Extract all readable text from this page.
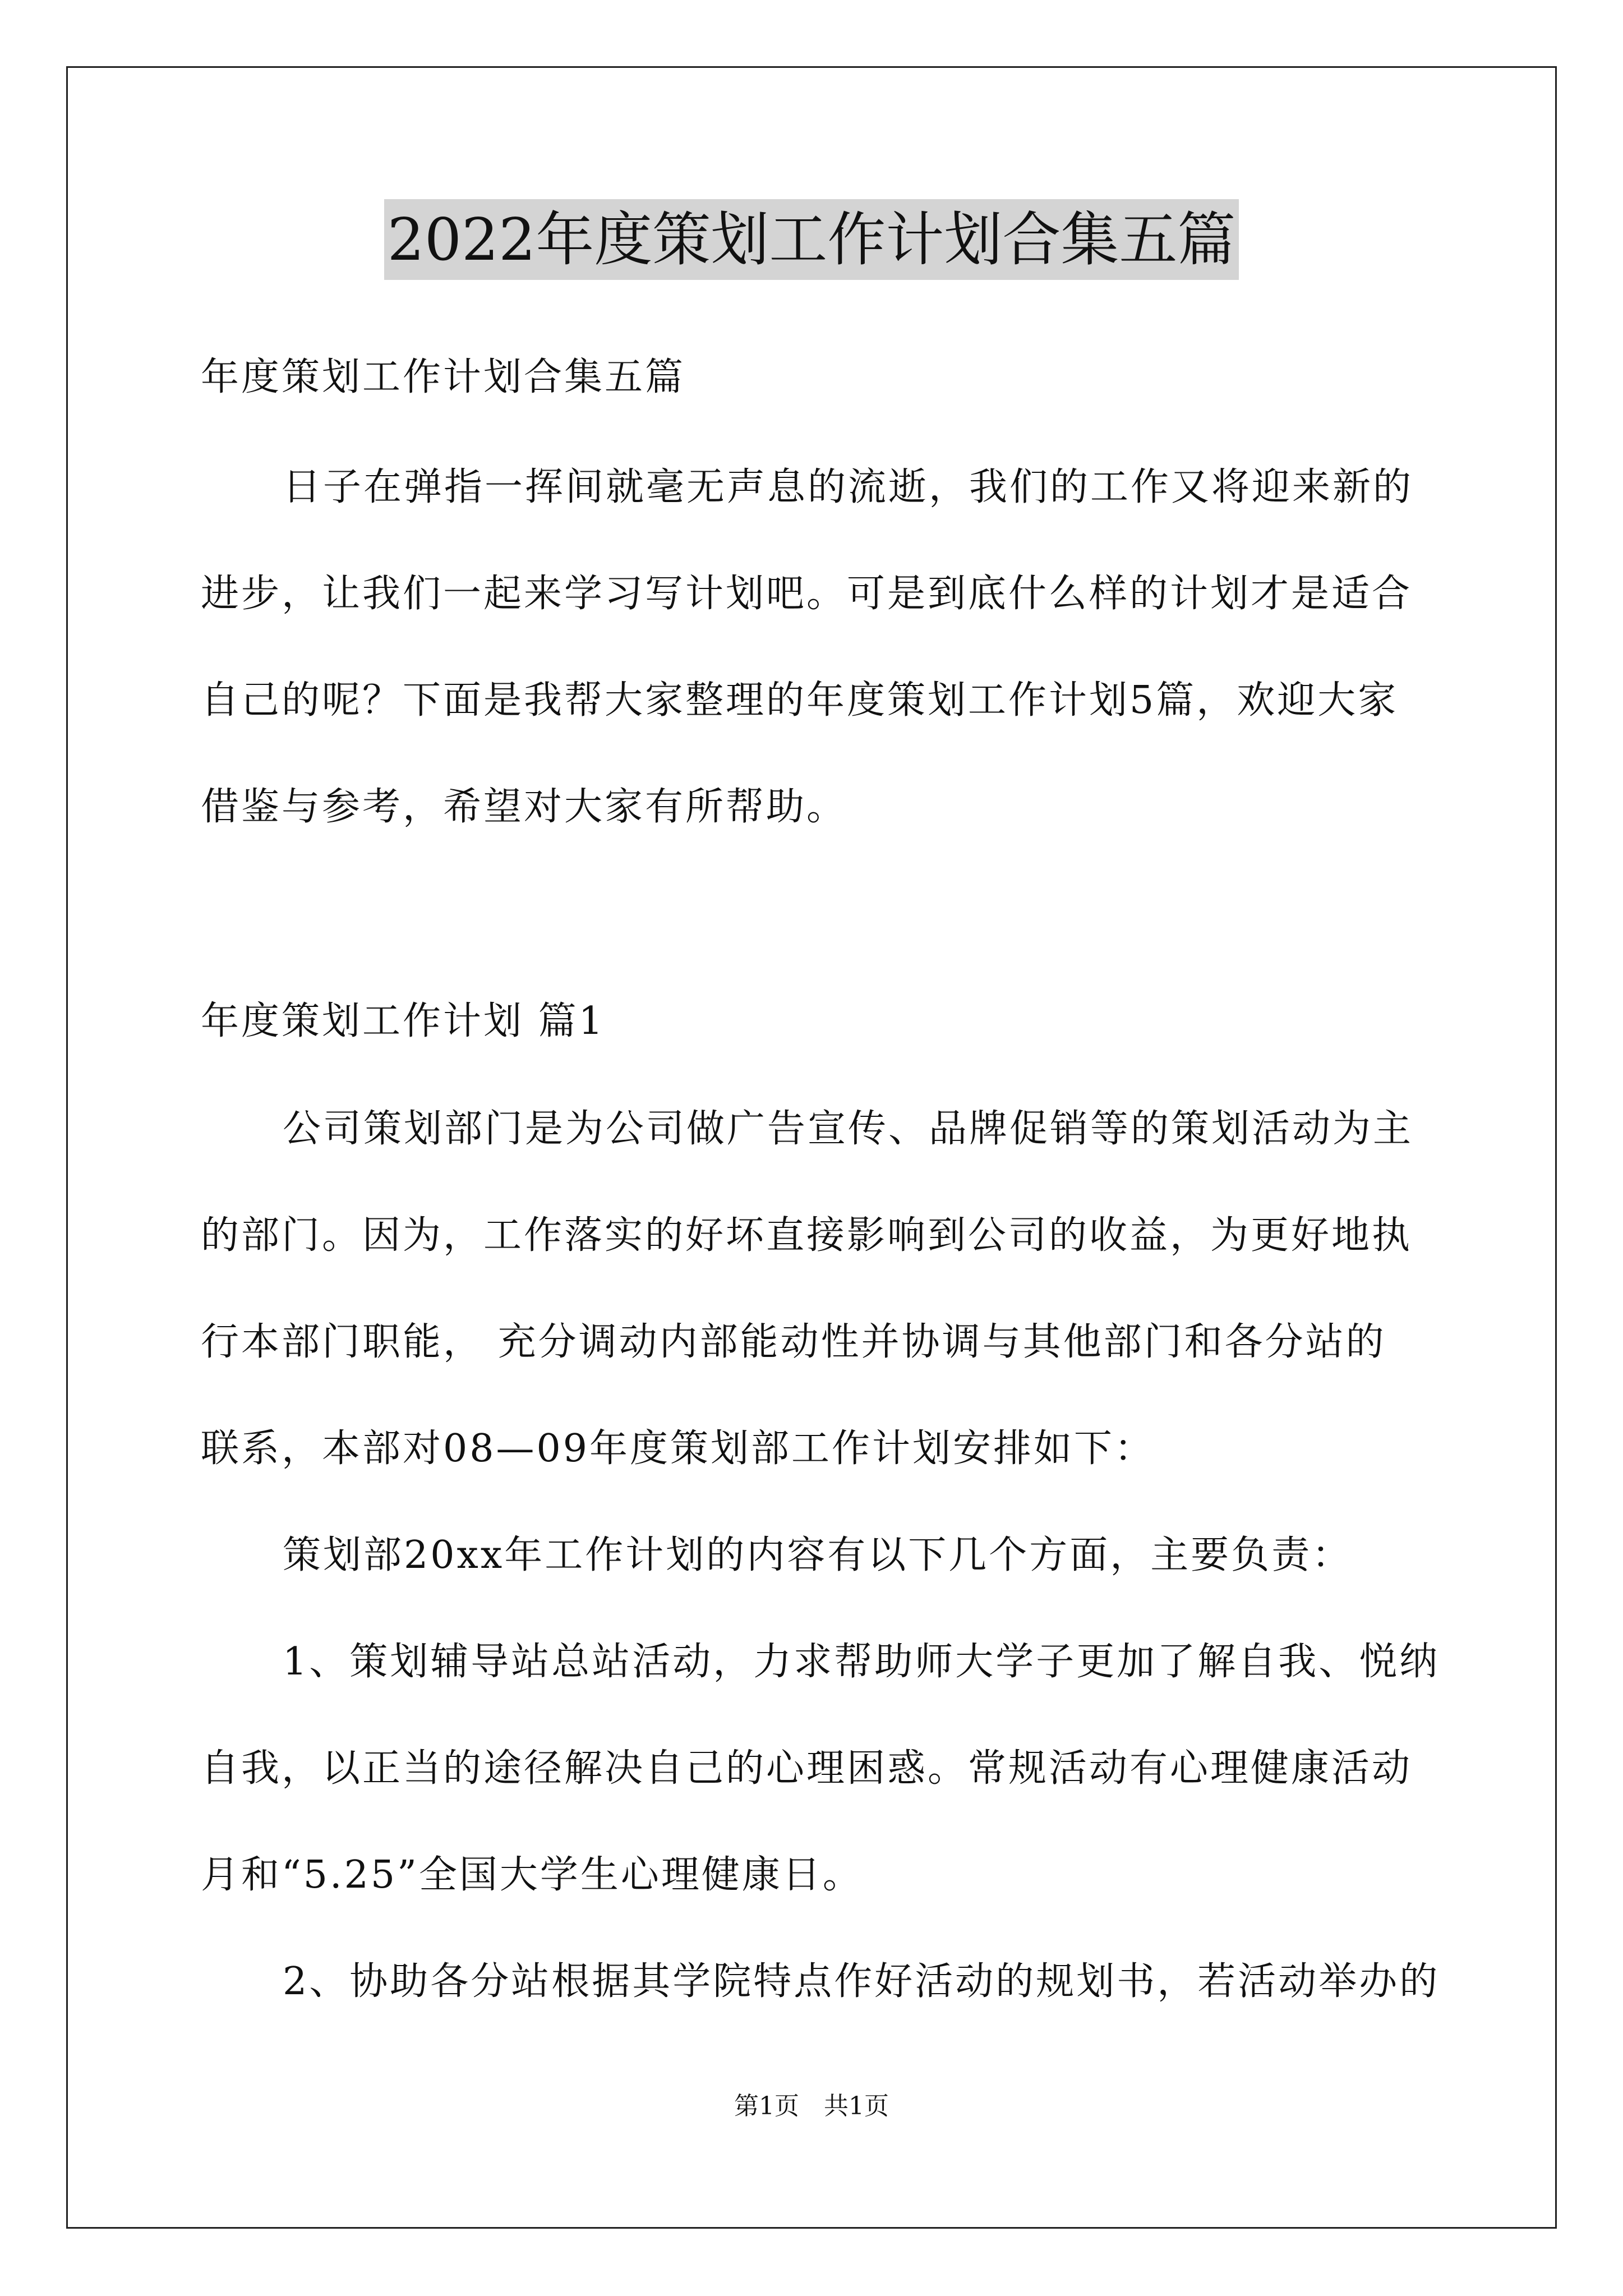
2022年度策划工作计划合集五篇
年度策划工作计划合集五篇
日子在弹指一挥间就毫无声息的流逝，我们的工作又将迎来新的
进步，让我们一起来学习写计划吧。可是到底什么样的计划才是适合
自己的呢？下面是我帮大家整理的年度策划工作计划5篇，欢迎大家
借鉴与参考，希望对大家有所帮助。
年度策划工作计划 篇1
公司策划部门是为公司做广告宣传、品牌促销等的策划活动为主
的部门。因为，工作落实的好坏直接影响到公司的收益，为更好地执
行本部门职能， 充分调动内部能动性并协调与其他部门和各分站的
联系，本部对08—09年度策划部工作计划安排如下：
策划部20xx年工作计划的内容有以下几个方面，主要负责：
1、策划辅导站总站活动，力求帮助师大学子更加了解自我、悦纳
自我，以正当的途径解决自己的心理困惑。常规活动有心理健康活动
月和“5.25”全国大学生心理健康日。
2、协助各分站根据其学院特点作好活动的规划书，若活动举办的
第1页　共1页
